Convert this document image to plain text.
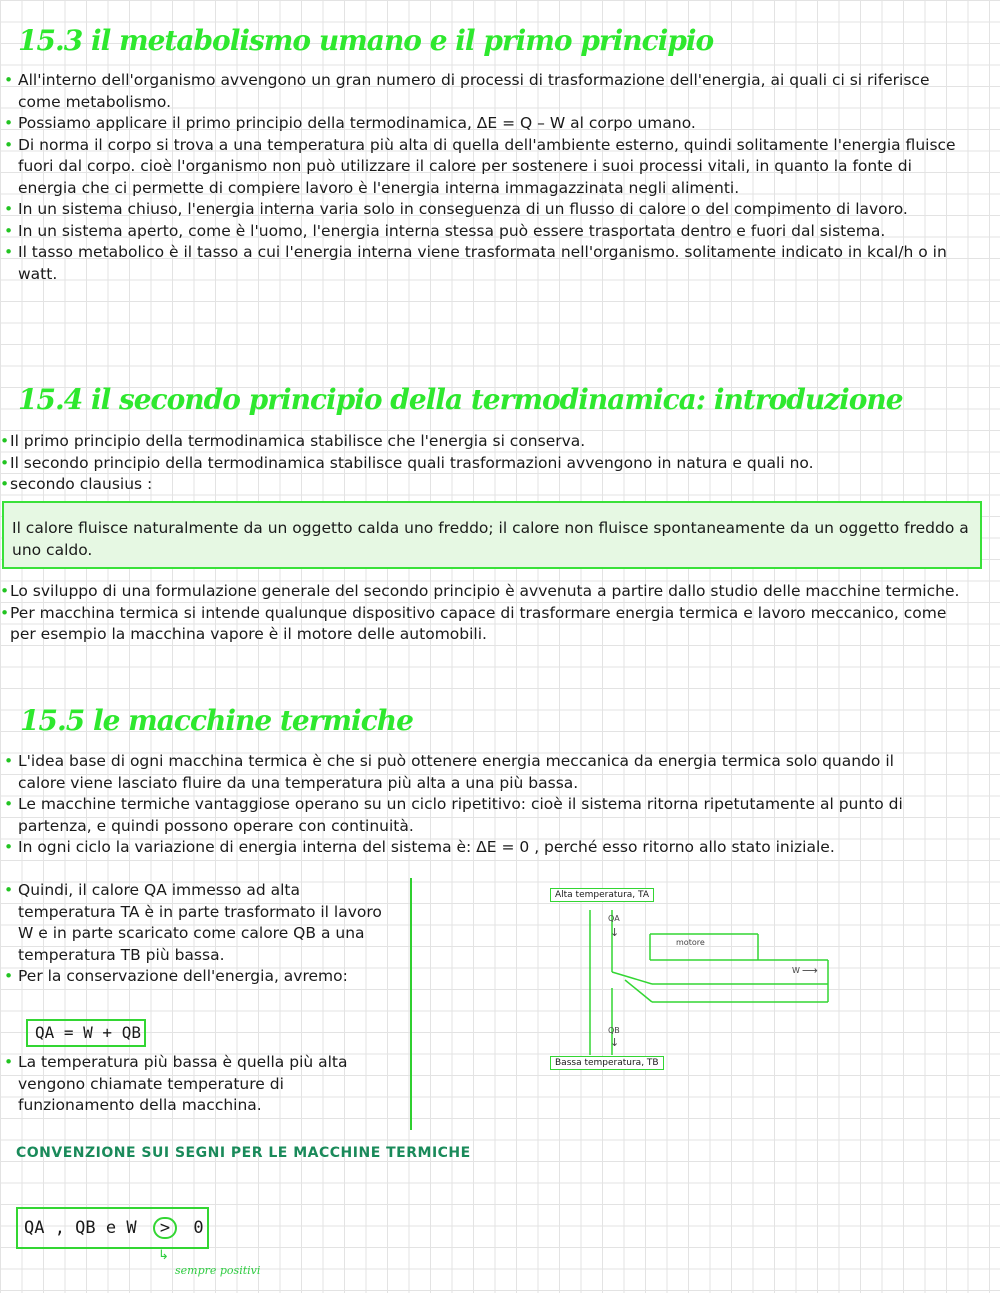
15.3 il metabolismo umano e il primo principio
• All'interno dell'organismo avvengono un gran numero di processi di trasformazione dell'energia, ai quali ci si riferisce come metabolismo.
• Possiamo applicare il primo principio della termodinamica, ΔE = Q – W al corpo umano.
• Di norma il corpo si trova a una temperatura più alta di quella dell'ambiente esterno, quindi solitamente l'energia fluisce fuori dal corpo. cioè l'organismo non può utilizzare il calore per sostenere i suoi processi vitali, in quanto la fonte di energia che ci permette di compiere lavoro è l'energia interna immagazzinata negli alimenti.
• In un sistema chiuso, l'energia interna varia solo in conseguenza di un flusso di calore o del compimento di lavoro.
• In un sistema aperto, come è l'uomo, l'energia interna stessa può essere trasportata dentro e fuori dal sistema.
• Il tasso metabolico è il tasso a cui l'energia interna viene trasformata nell'organismo. solitamente indicato in kcal/h o in watt.
15.4 il secondo principio della termodinamica: introduzione
• Il primo principio della termodinamica stabilisce che l'energia si conserva.
• Il secondo principio della termodinamica stabilisce quali trasformazioni avvengono in natura e quali no.
• secondo clausius :
Il calore fluisce naturalmente da un oggetto calda uno freddo; il calore non fluisce spontaneamente da un oggetto freddo a uno caldo.
• Lo sviluppo di una formulazione generale del secondo principio è avvenuta a partire dallo studio delle macchine termiche.
• Per macchina termica si intende qualunque dispositivo capace di trasformare energia termica e lavoro meccanico, come per esempio la macchina vapore è il motore delle automobili.
15.5 le macchine termiche
• L'idea base di ogni macchina termica è che si può ottenere energia meccanica da energia termica solo quando il calore viene lasciato fluire da una temperatura più alta a una più bassa.
• Le macchine termiche vantaggiose operano su un ciclo ripetitivo: cioè il sistema ritorna ripetutamente al punto di partenza, e quindi possono operare con continuità.
• In ogni ciclo la variazione di energia interna del sistema è: ΔE = 0 , perché esso ritorno allo stato iniziale.
• Quindi, il calore QA immesso ad alta temperatura TA è in parte trasformato il lavoro W e in parte scaricato come calore QB a una temperatura TB più bassa.
• Per la conservazione dell'energia, avremo:
QA = W + QB
• La temperatura più bassa è quella più alta vengono chiamate temperature di funzionamento della macchina.
Alta temperatura, TA
QA
↓
motore
W ⟶
QB
↓
Bassa temperatura, TB
CONVENZIONE SUI SEGNI PER LE MACCHINE TERMICHE
QA , QB e W > 0
↳
sempre positivi
